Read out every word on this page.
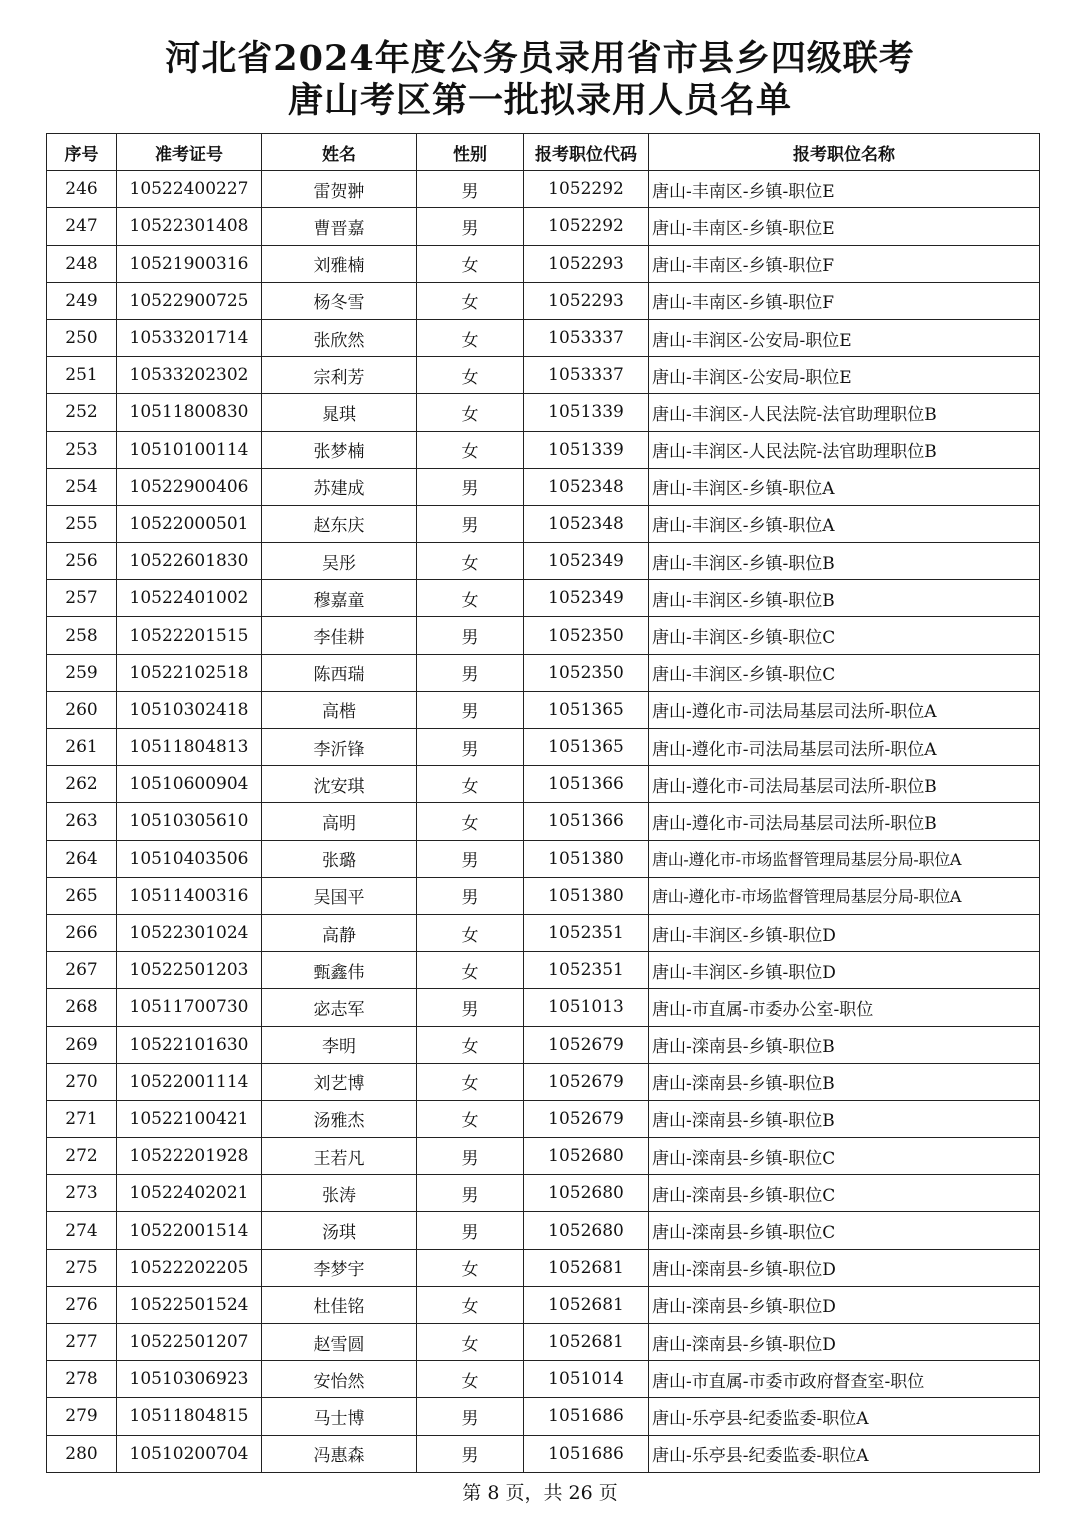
河北省2024年度公务员录用省市县乡四级联考
唐山考区第一批拟录用人员名单
序号	准考证号	姓名	性别	报考职位代码	报考职位名称
246	10522400227	雷贺翀	男	1052292	唐山-丰南区-乡镇-职位E
247	10522301408	曹晋嘉	男	1052292	唐山-丰南区-乡镇-职位E
248	10521900316	刘雅楠	女	1052293	唐山-丰南区-乡镇-职位F
249	10522900725	杨冬雪	女	1052293	唐山-丰南区-乡镇-职位F
250	10533201714	张欣然	女	1053337	唐山-丰润区-公安局-职位E
251	10533202302	宗利芳	女	1053337	唐山-丰润区-公安局-职位E
252	10511800830	晁琪	女	1051339	唐山-丰润区-人民法院-法官助理职位B
253	10510100114	张梦楠	女	1051339	唐山-丰润区-人民法院-法官助理职位B
254	10522900406	苏建成	男	1052348	唐山-丰润区-乡镇-职位A
255	10522000501	赵东庆	男	1052348	唐山-丰润区-乡镇-职位A
256	10522601830	吴彤	女	1052349	唐山-丰润区-乡镇-职位B
257	10522401002	穆嘉童	女	1052349	唐山-丰润区-乡镇-职位B
258	10522201515	李佳耕	男	1052350	唐山-丰润区-乡镇-职位C
259	10522102518	陈西瑞	男	1052350	唐山-丰润区-乡镇-职位C
260	10510302418	高楷	男	1051365	唐山-遵化市-司法局基层司法所-职位A
261	10511804813	李沂锋	男	1051365	唐山-遵化市-司法局基层司法所-职位A
262	10510600904	沈安琪	女	1051366	唐山-遵化市-司法局基层司法所-职位B
263	10510305610	高明	女	1051366	唐山-遵化市-司法局基层司法所-职位B
264	10510403506	张璐	男	1051380	唐山-遵化市-市场监督管理局基层分局-职位A
265	10511400316	吴国平	男	1051380	唐山-遵化市-市场监督管理局基层分局-职位A
266	10522301024	高静	女	1052351	唐山-丰润区-乡镇-职位D
267	10522501203	甄鑫伟	女	1052351	唐山-丰润区-乡镇-职位D
268	10511700730	宓志军	男	1051013	唐山-市直属-市委办公室-职位
269	10522101630	李明	女	1052679	唐山-滦南县-乡镇-职位B
270	10522001114	刘艺博	女	1052679	唐山-滦南县-乡镇-职位B
271	10522100421	汤雅杰	女	1052679	唐山-滦南县-乡镇-职位B
272	10522201928	王若凡	男	1052680	唐山-滦南县-乡镇-职位C
273	10522402021	张涛	男	1052680	唐山-滦南县-乡镇-职位C
274	10522001514	汤琪	男	1052680	唐山-滦南县-乡镇-职位C
275	10522202205	李梦宇	女	1052681	唐山-滦南县-乡镇-职位D
276	10522501524	杜佳铭	女	1052681	唐山-滦南县-乡镇-职位D
277	10522501207	赵雪圆	女	1052681	唐山-滦南县-乡镇-职位D
278	10510306923	安怡然	女	1051014	唐山-市直属-市委市政府督查室-职位
279	10511804815	马士博	男	1051686	唐山-乐亭县-纪委监委-职位A
280	10510200704	冯惠森	男	1051686	唐山-乐亭县-纪委监委-职位A
第 8 页，共 26 页
